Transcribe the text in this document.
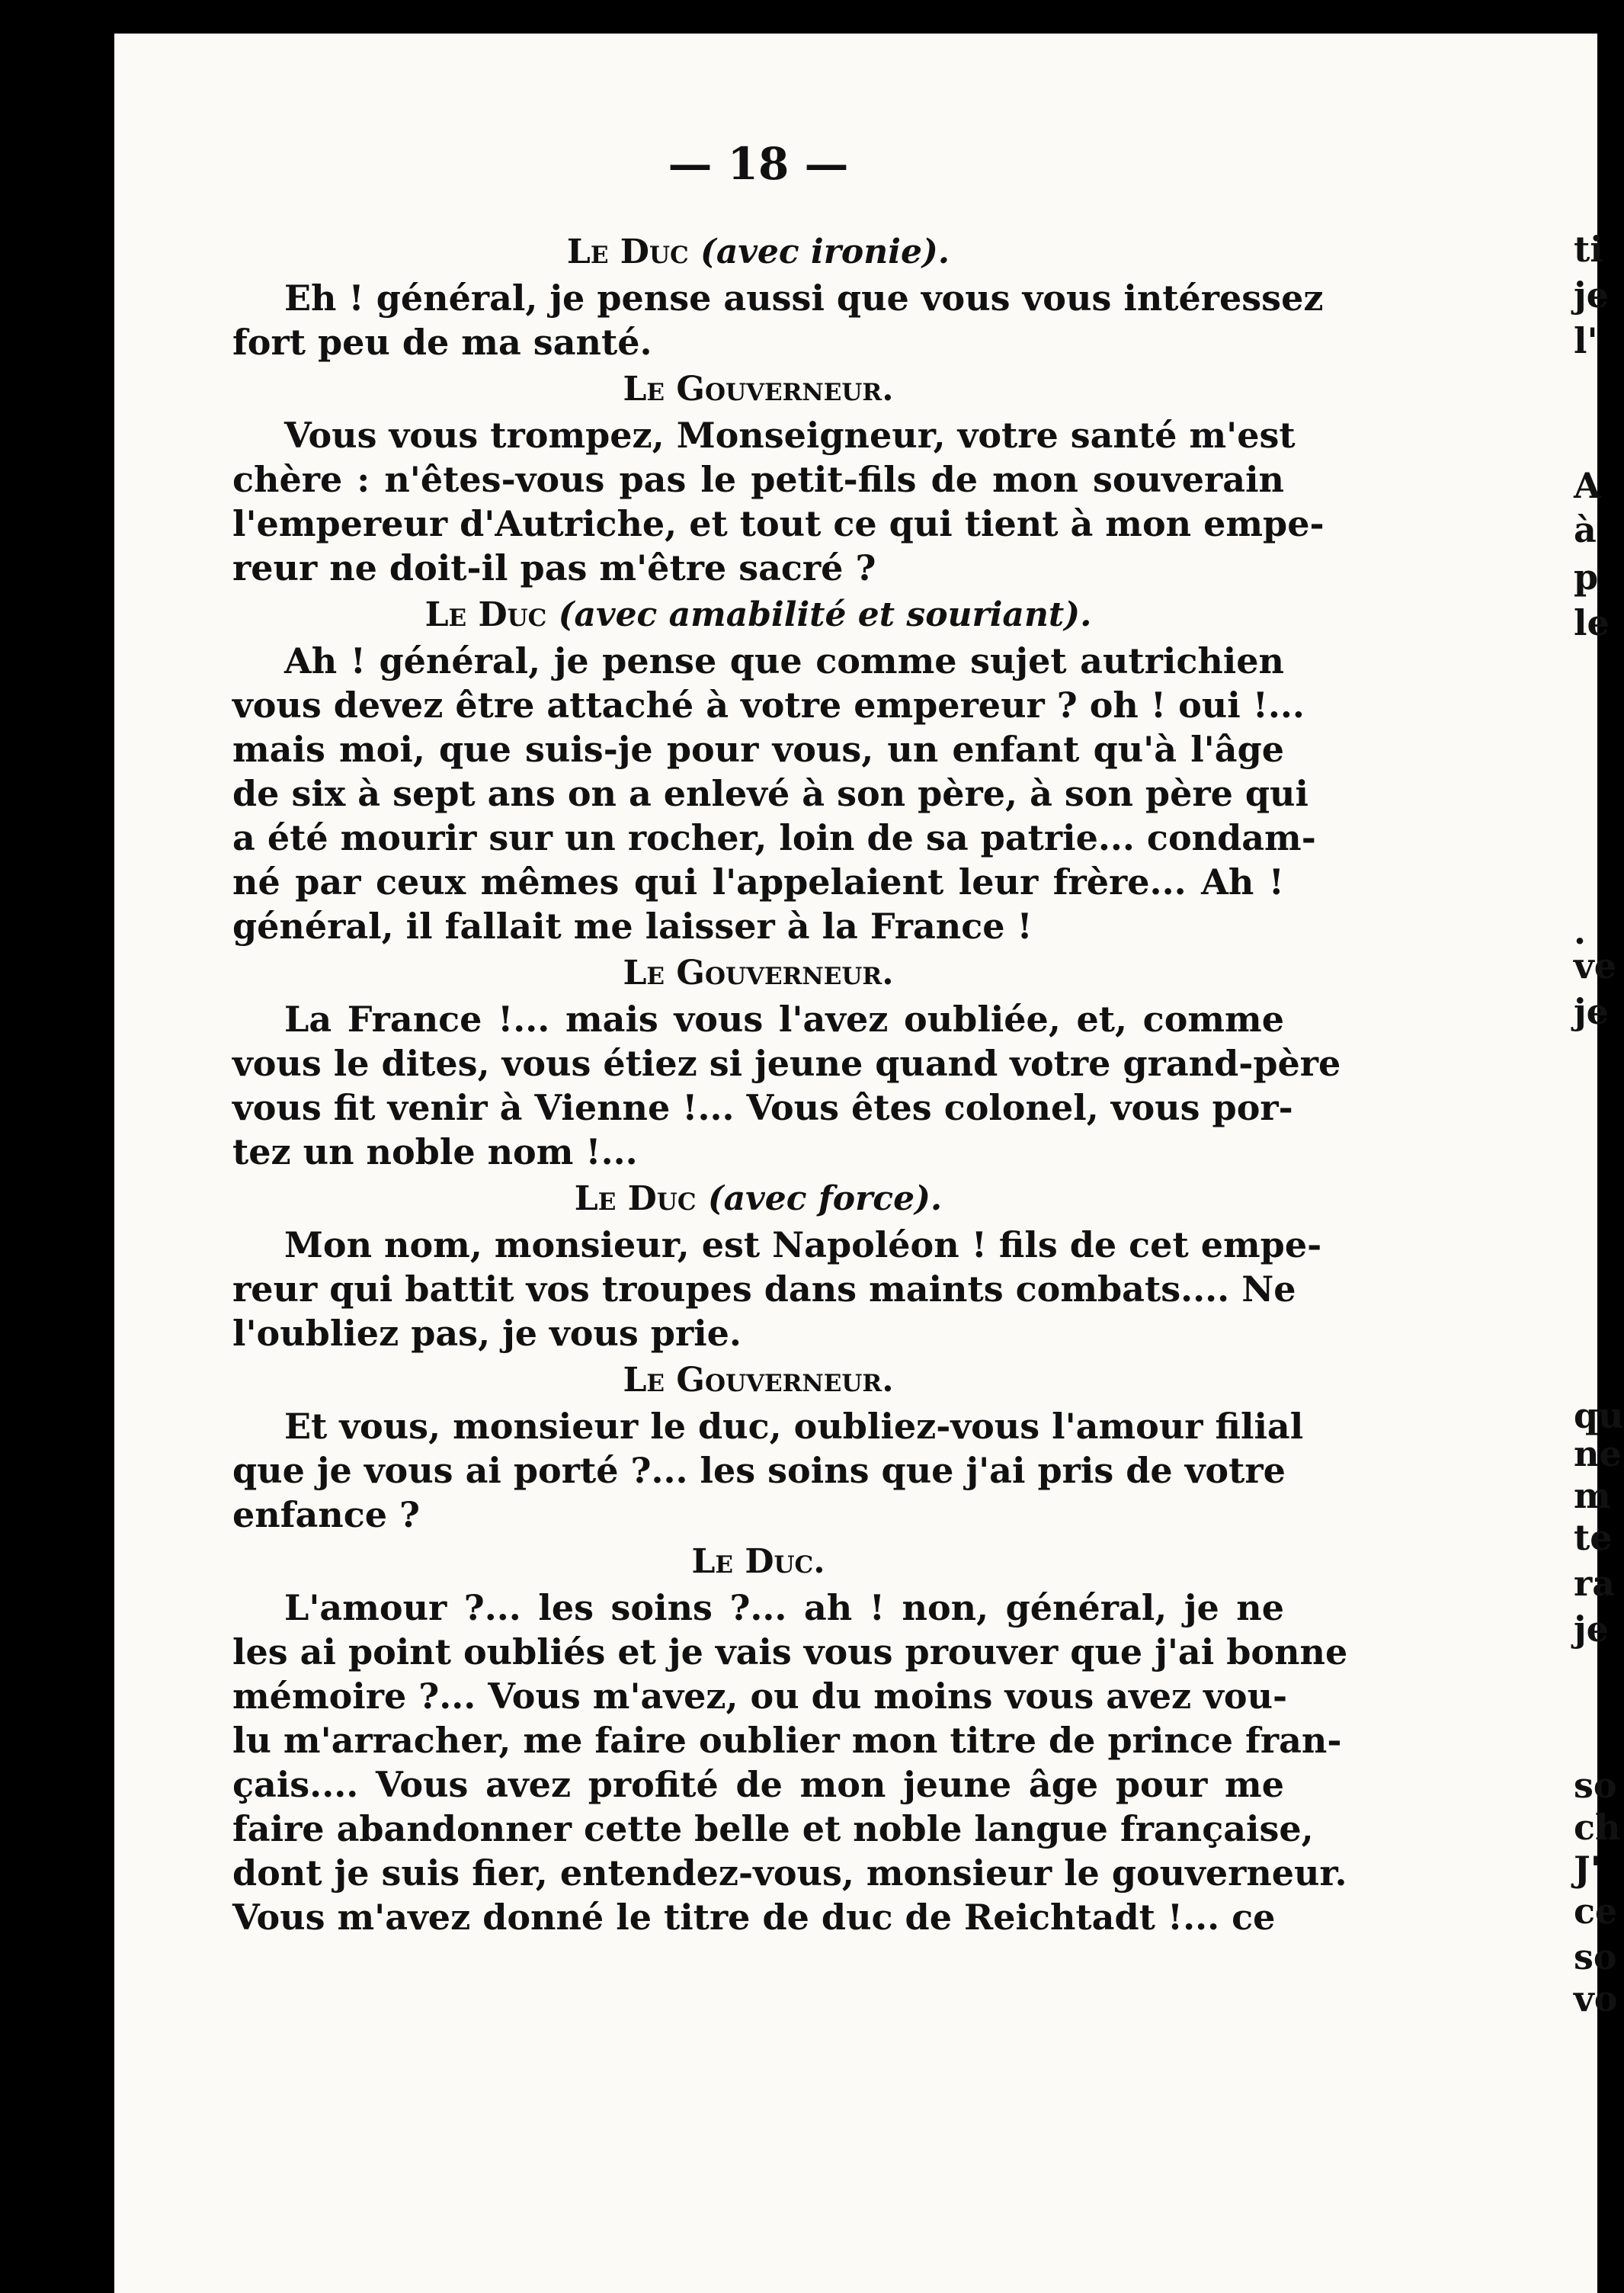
— 18 —
Le Duc (avec ironie).
Eh ! général, je pense aussi que vous vous intéressez
fort peu de ma santé.
Le Gouverneur.
Vous vous trompez, Monseigneur, votre santé m'est
chère : n'êtes-vous pas le petit-fils de mon souverain
l'empereur d'Autriche, et tout ce qui tient à mon empe-
reur ne doit-il pas m'être sacré ?
Le Duc (avec amabilité et souriant).
Ah ! général, je pense que comme sujet autrichien
vous devez être attaché à votre empereur ? oh ! oui !...
mais moi, que suis-je pour vous, un enfant qu'à l'âge
de six à sept ans on a enlevé à son père, à son père qui
a été mourir sur un rocher, loin de sa patrie... condam-
né par ceux mêmes qui l'appelaient leur frère... Ah !
général, il fallait me laisser à la France !
Le Gouverneur.
La France !... mais vous l'avez oubliée, et, comme
vous le dites, vous étiez si jeune quand votre grand-père
vous fit venir à Vienne !... Vous êtes colonel, vous por-
tez un noble nom !...
Le Duc (avec force).
Mon nom, monsieur, est Napoléon ! fils de cet empe-
reur qui battit vos troupes dans maints combats.... Ne
l'oubliez pas, je vous prie.
Le Gouverneur.
Et vous, monsieur le duc, oubliez-vous l'amour filial
que je vous ai porté ?... les soins que j'ai pris de votre
enfance ?
Le Duc.
L'amour ?... les soins ?... ah ! non, général, je ne
les ai point oubliés et je vais vous prouver que j'ai bonne
mémoire ?... Vous m'avez, ou du moins vous avez vou-
lu m'arracher, me faire oublier mon titre de prince fran-
çais.... Vous avez profité de mon jeune âge pour me
faire abandonner cette belle et noble langue française,
dont je suis fier, entendez-vous, monsieur le gouverneur.
Vous m'avez donné le titre de duc de Reichtadt !... ce
ti
je
l'
A
à
p
le
.
ve
je
qu
ne
m
te
ra
je
so
ch
J'
ce
so
vo
